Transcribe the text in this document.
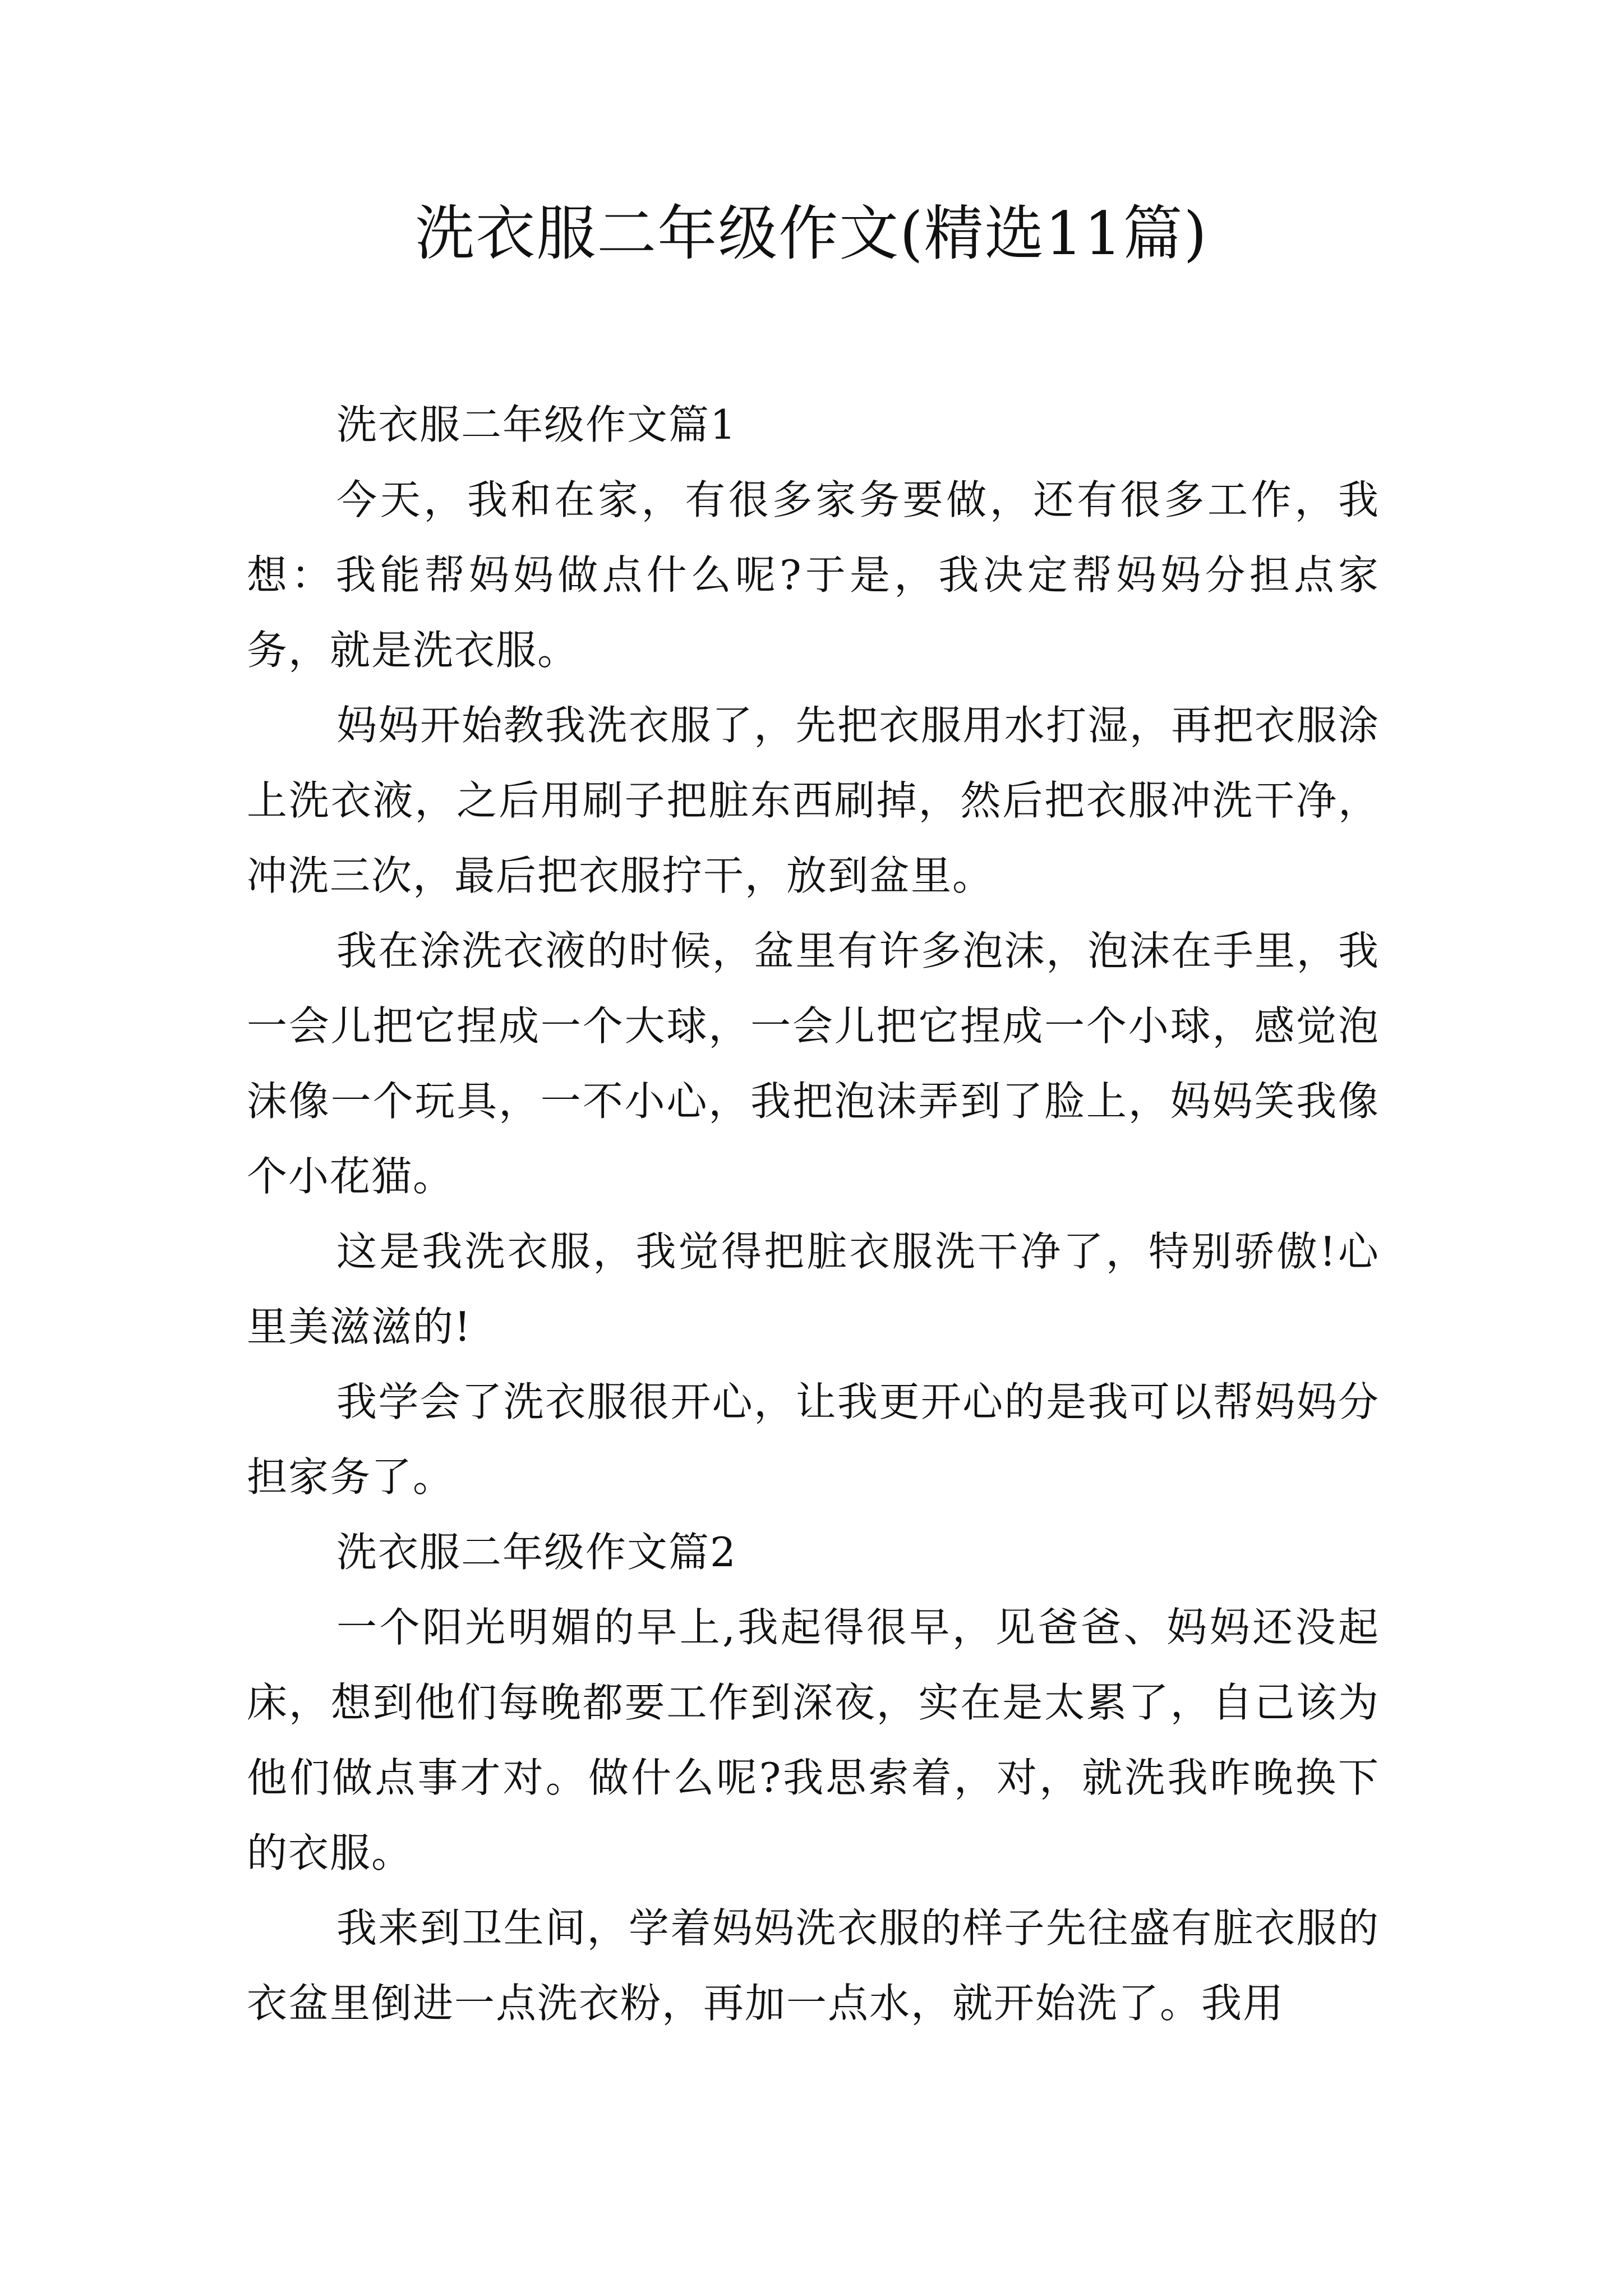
洗衣服二年级作文(精选11篇)

洗衣服二年级作文篇1

今天，我和在家，有很多家务要做，还有很多工作，我想：我能帮妈妈做点什么呢?于是，我决定帮妈妈分担点家务，就是洗衣服。

妈妈开始教我洗衣服了，先把衣服用水打湿，再把衣服涂上洗衣液，之后用刷子把脏东西刷掉，然后把衣服冲洗干净，冲洗三次，最后把衣服拧干，放到盆里。

我在涂洗衣液的时候，盆里有许多泡沫，泡沫在手里，我一会儿把它捏成一个大球，一会儿把它捏成一个小球，感觉泡沫像一个玩具，一不小心，我把泡沫弄到了脸上，妈妈笑我像个小花猫。

这是我洗衣服，我觉得把脏衣服洗干净了，特别骄傲!心里美滋滋的!

我学会了洗衣服很开心，让我更开心的是我可以帮妈妈分担家务了。

洗衣服二年级作文篇2

一个阳光明媚的早上,我起得很早，见爸爸、妈妈还没起床，想到他们每晚都要工作到深夜，实在是太累了，自己该为他们做点事才对。做什么呢?我思索着，对，就洗我昨晚换下的衣服。

我来到卫生间，学着妈妈洗衣服的样子先往盛有脏衣服的衣盆里倒进一点洗衣粉，再加一点水，就开始洗了。我用
